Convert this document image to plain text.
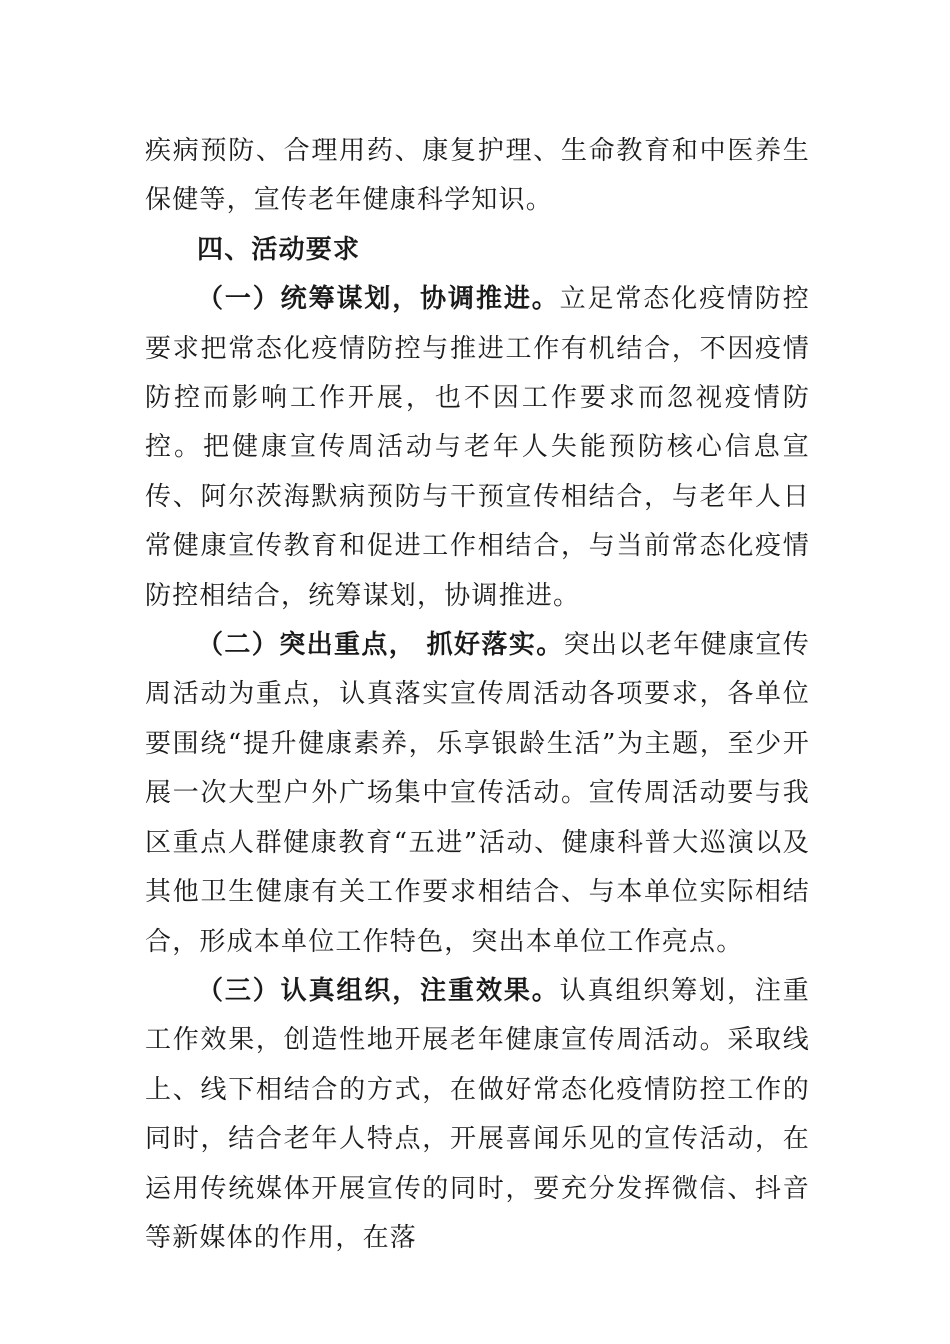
疾病预防、合理用药、康复护理、生命教育和中医养生保健等，宣传老年健康科学知识。

四、活动要求

（一）统筹谋划，协调推进。立足常态化疫情防控要求把常态化疫情防控与推进工作有机结合，不因疫情防控而影响工作开展，也不因工作要求而忽视疫情防控。把健康宣传周活动与老年人失能预防核心信息宣传、阿尔茨海默病预防与干预宣传相结合，与老年人日常健康宣传教育和促进工作相结合，与当前常态化疫情防控相结合，统筹谋划，协调推进。

（二）突出重点， 抓好落实。突出以老年健康宣传周活动为重点，认真落实宣传周活动各项要求，各单位要围绕“提升健康素养，乐享银龄生活”为主题，至少开展一次大型户外广场集中宣传活动。宣传周活动要与我区重点人群健康教育“五进”活动、健康科普大巡演以及其他卫生健康有关工作要求相结合、与本单位实际相结合，形成本单位工作特色，突出本单位工作亮点。

（三）认真组织，注重效果。认真组织筹划，注重工作效果，创造性地开展老年健康宣传周活动。采取线上、线下相结合的方式，在做好常态化疫情防控工作的同时，结合老年人特点，开展喜闻乐见的宣传活动，在运用传统媒体开展宣传的同时，要充分发挥微信、抖音等新媒体的作用，在落
